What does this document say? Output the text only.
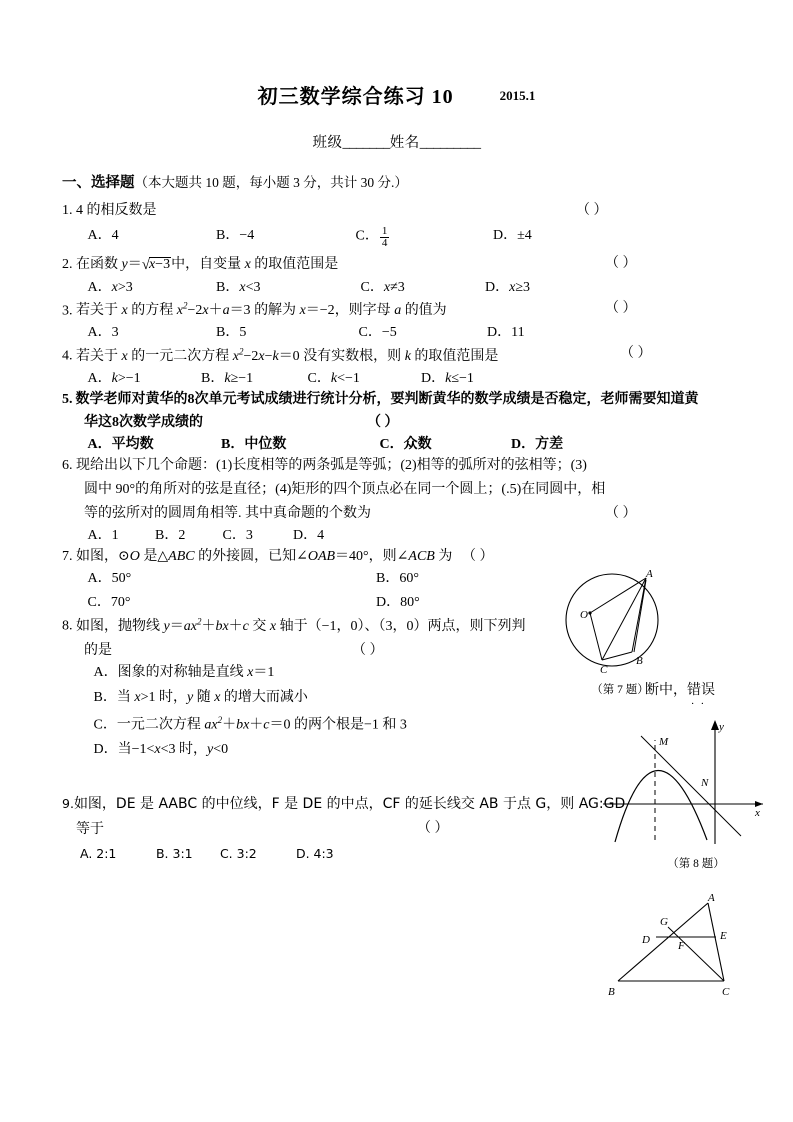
初三数学综合练习 10	2015.1
班级_______姓名_________
一、选择题（本大题共 10 题，每小题 3 分，共计 30 分.）
1. 4 的相反数是	（ ）
A．4	B．−4	C． $\frac{1}{4}$	D．±4
2. 在函数 y＝√x−3中，自变量 x 的取值范围是	（ ）
A．x>3	B．x<3	C．x≠3	D．x≥3
3. 若关于 x 的方程 $x^2-2x+a=3$ 的解为 x＝−2，则字母 a 的值为	（ ）
A．3	B．5	C．−5	D．11
4. 若关于 x 的一元二次方程 $x^2-2x-k=0$ 没有实数根，则 k 的取值范围是	（ ）
A．k>−1	B．k≥−1	C．k<−1	D．k≤−1
5. 数学老师对黄华的8次单元考试成绩进行统计分析，要判断黄华的数学成绩是否稳定，老师需要知道黄
华这8次数学成绩的	（ ）
A．平均数	B．中位数	C．众数	D．方差
6. 现给出以下几个命题：(1)长度相等的两条弧是等弧；(2)相等的弧所对的弦相等；(3)
圆中 90°的角所对的弦是直径；(4)矩形的四个顶点必在同一个圆上；(.5)在同圆中，相
等的弦所对的圆周角相等. 其中真命题的个数为	（ ）
A．1	B．2	C．3	D．4
7. 如图，⊙O 是△ABC 的外接圆，已知∠OAB＝40°，则∠ACB 为 （ ）
A．50°	B．60°
C．70°	D．80°
8. 如图，抛物线 $y=ax^2+bx+c$ 交 x 轴于（−1，0）、（3，0）两点，则下列判
的是	（ ）
A．图象的对称轴是直线 x＝1
B．当 x>1 时，y 随 x 的增大而减小
C．一元二次方程 $ax^2+bx+c=0$ 的两个根是−1 和 3
D．当−1<x<3 时，y<0
9.如图，DE 是 AABC 的中位线，F 是 DE 的中点，CF 的延长线交 AB 于点 G，则 AG:GD
等于	（ ）
A. 2:1	B. 3:1 C. 3:2	D. 4:3
断中，错误 ..
O
A
B
C
（第 7 题）
y
x
M
N
（第 8 题）
A
G
D	E
F
B	C
